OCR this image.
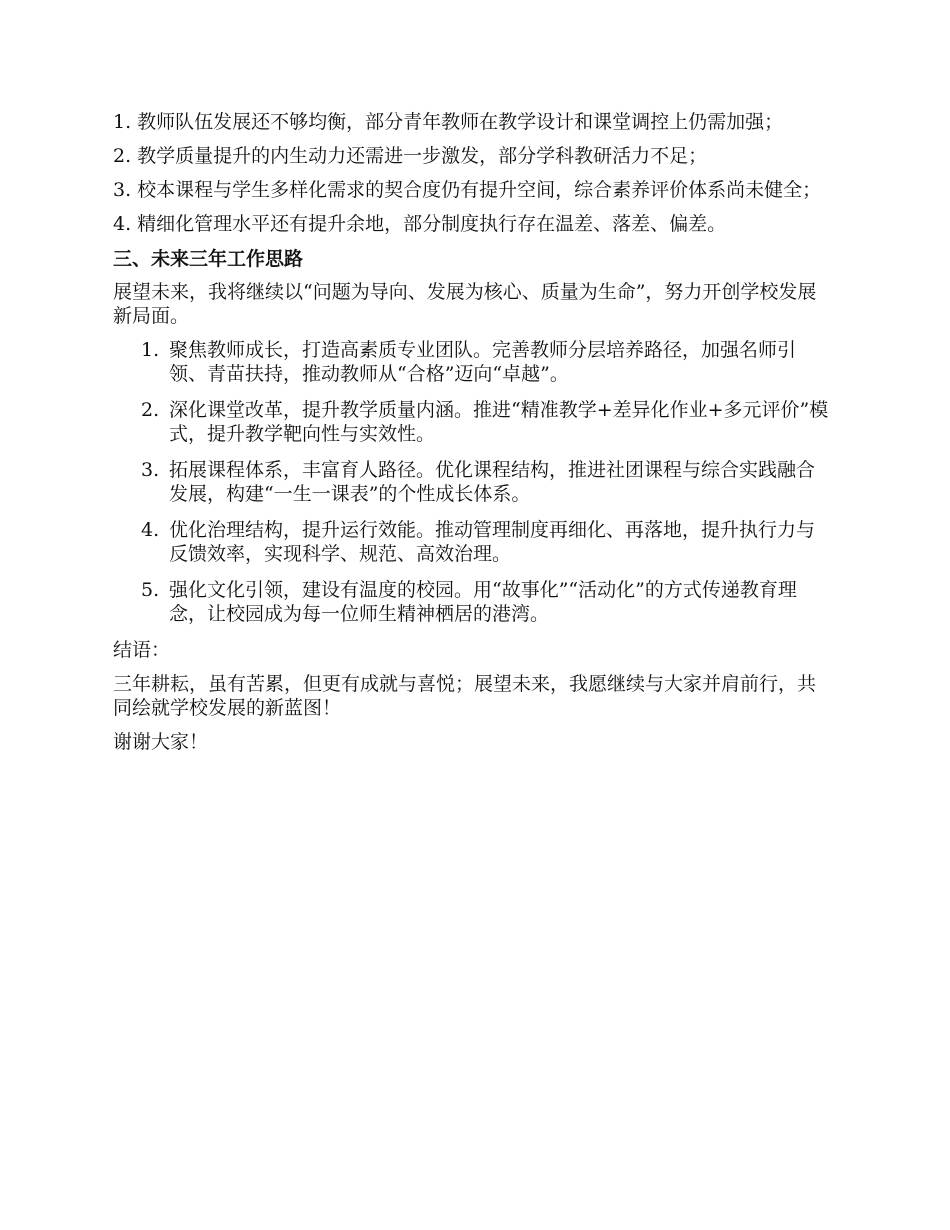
1. 教师队伍发展还不够均衡，部分青年教师在教学设计和课堂调控上仍需加强；

2. 教学质量提升的内生动力还需进一步激发，部分学科教研活力不足；

3. 校本课程与学生多样化需求的契合度仍有提升空间，综合素养评价体系尚未健全；

4. 精细化管理水平还有提升余地，部分制度执行存在温差、落差、偏差。

三、未来三年工作思路

展望未来，我将继续以“问题为导向、发展为核心、质量为生命”，努力开创学校发展新局面。

1. 聚焦教师成长，打造高素质专业团队。完善教师分层培养路径，加强名师引领、青苗扶持，推动教师从“合格”迈向“卓越”。
2. 深化课堂改革，提升教学质量内涵。推进“精准教学+差异化作业+多元评价”模式，提升教学靶向性与实效性。
3. 拓展课程体系，丰富育人路径。优化课程结构，推进社团课程与综合实践融合发展，构建“一生一课表”的个性成长体系。
4. 优化治理结构，提升运行效能。推动管理制度再细化、再落地，提升执行力与反馈效率，实现科学、规范、高效治理。
5. 强化文化引领，建设有温度的校园。用“故事化”“活动化”的方式传递教育理念，让校园成为每一位师生精神栖居的港湾。

结语：

三年耕耘，虽有苦累，但更有成就与喜悦；展望未来，我愿继续与大家并肩前行，共同绘就学校发展的新蓝图！

谢谢大家！
